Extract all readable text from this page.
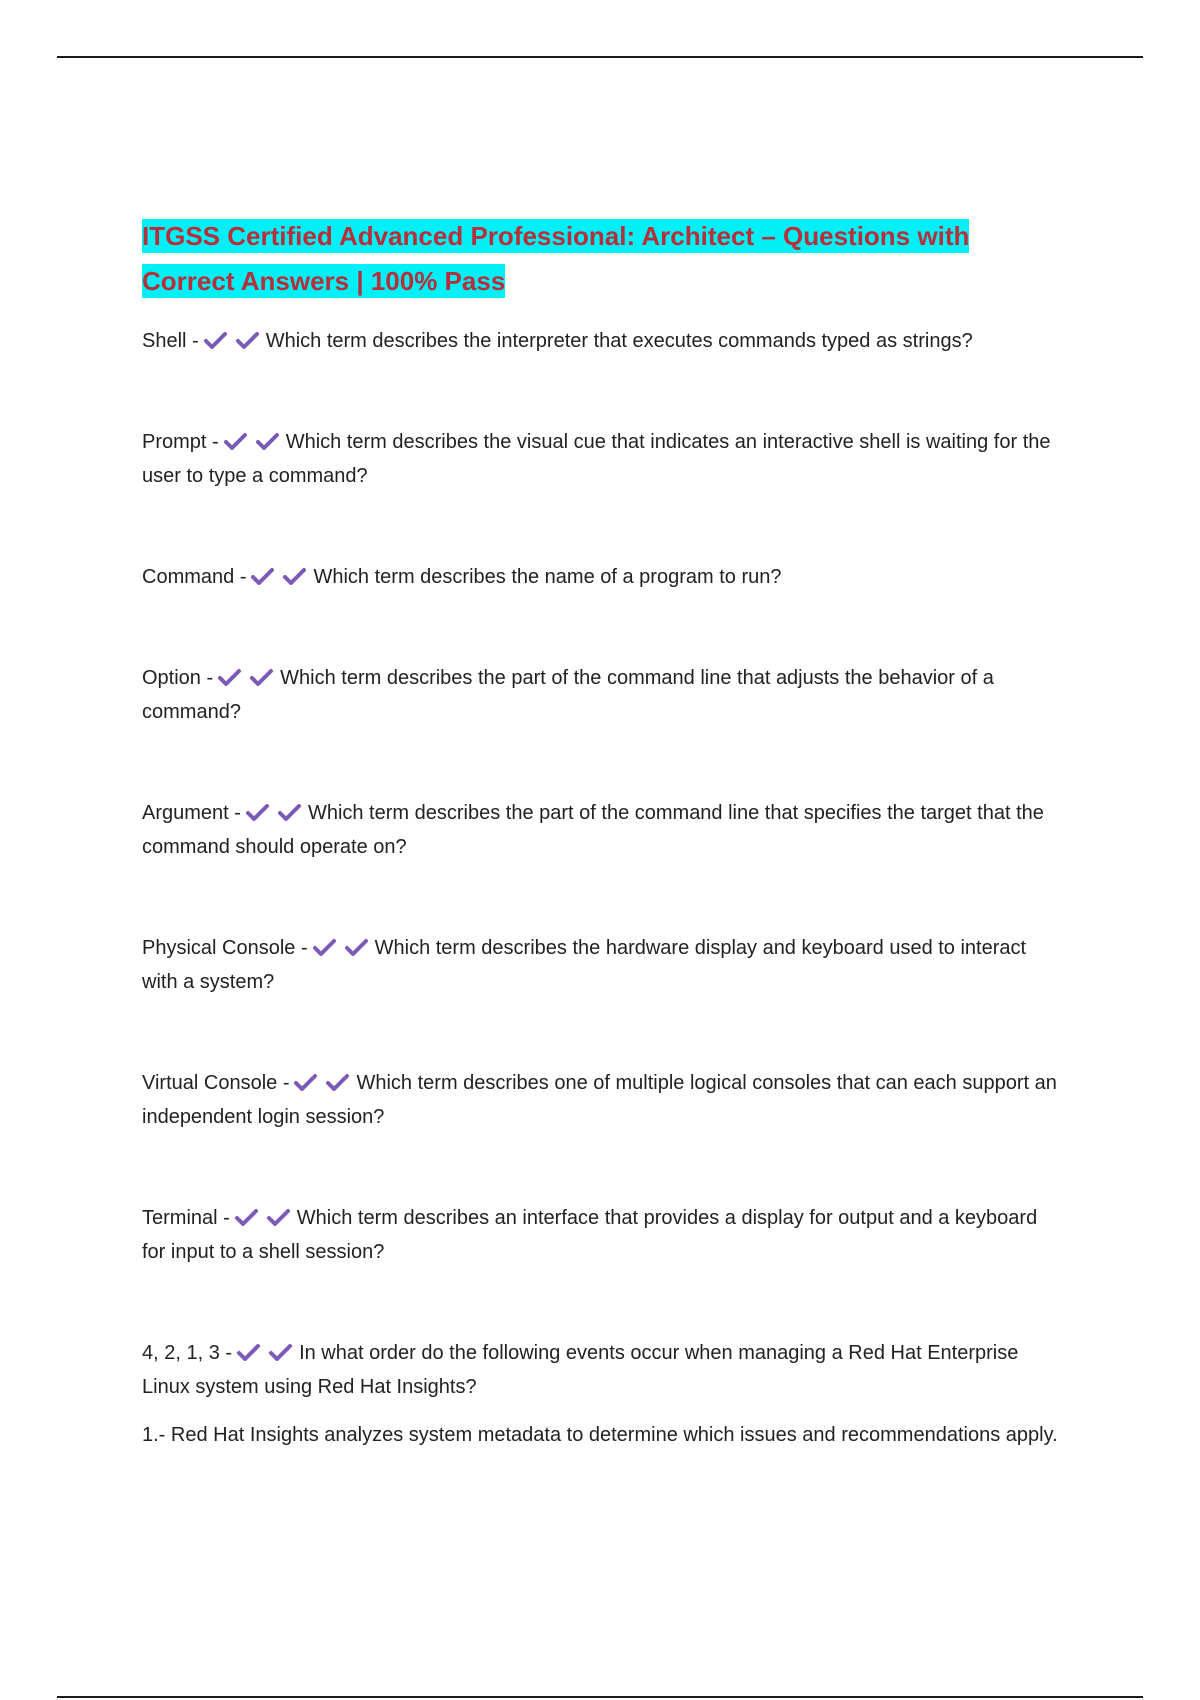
ITGSS Certified Advanced Professional: Architect – Questions with
Correct Answers | 100% Pass

Shell -	Which term describes the interpreter that executes commands typed as strings?

Prompt -	Which term describes the visual cue that indicates an interactive shell is waiting for the user to type a command?

Command -	Which term describes the name of a program to run?

Option -	Which term describes the part of the command line that adjusts the behavior of a command?

Argument -	Which term describes the part of the command line that specifies the target that the command should operate on?

Physical Console -	Which term describes the hardware display and keyboard used to interact with a system?

Virtual Console -	Which term describes one of multiple logical consoles that can each support an independent login session?

Terminal -	Which term describes an interface that provides a display for output and a keyboard for input to a shell session?

4, 2, 1, 3 -	In what order do the following events occur when managing a Red Hat Enterprise Linux system using Red Hat Insights?

1.- Red Hat Insights analyzes system metadata to determine which issues and recommendations apply.
